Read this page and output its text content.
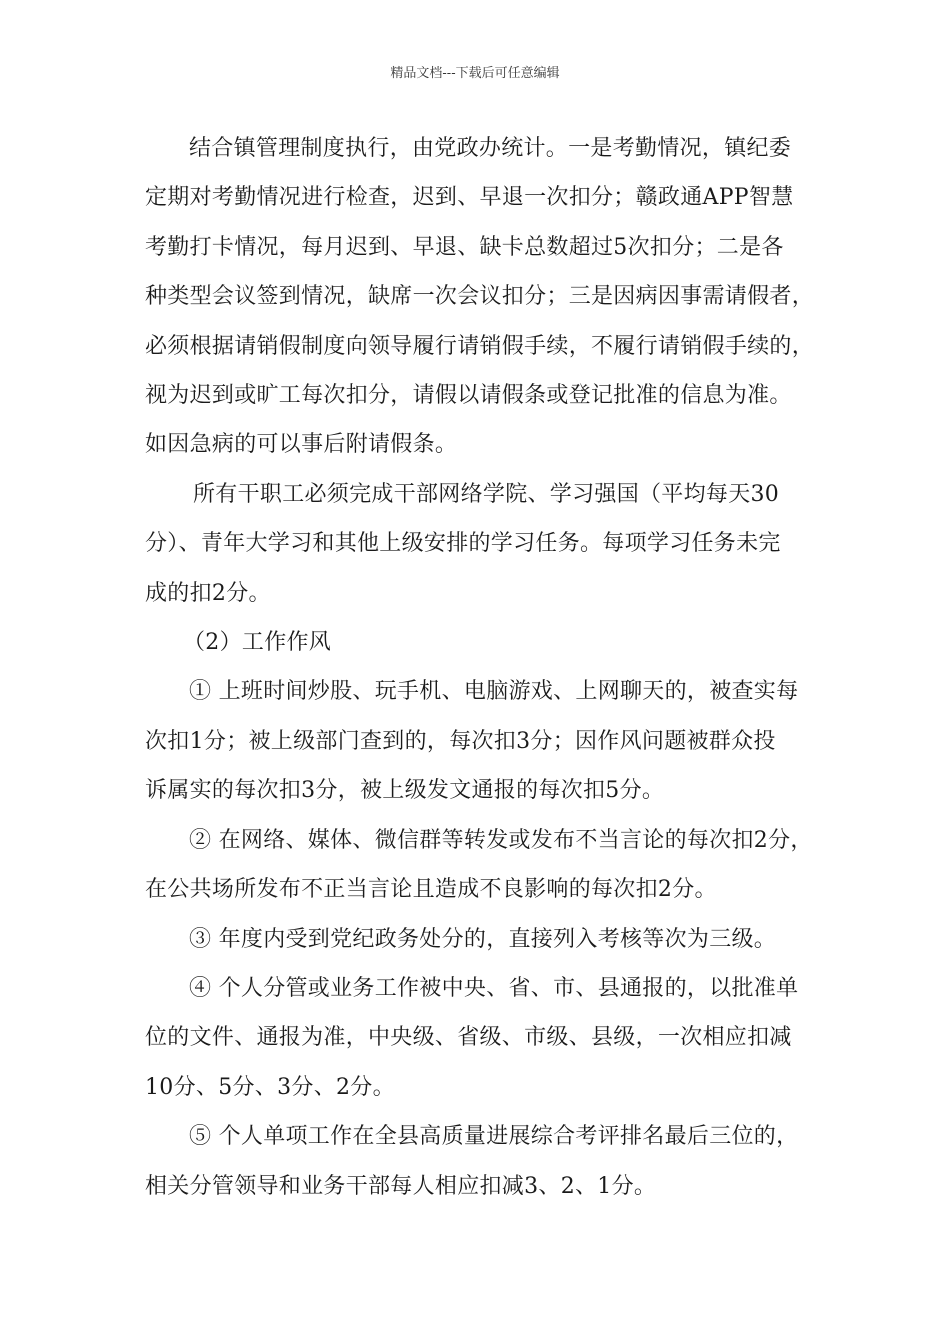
精品文档---下载后可任意编辑
结合镇管理制度执行，由党政办统计。一是考勤情况，镇纪委
定期对考勤情况进行检查，迟到、早退一次扣分；赣政通APP智慧
考勤打卡情况，每月迟到、早退、缺卡总数超过5次扣分；二是各
种类型会议签到情况，缺席一次会议扣分；三是因病因事需请假者，
必须根据请销假制度向领导履行请销假手续，不履行请销假手续的，
视为迟到或旷工每次扣分，请假以请假条或登记批准的信息为准。
如因急病的可以事后附请假条。
所有干职工必须完成干部网络学院、学习强国（平均每天30
分）、青年大学习和其他上级安排的学习任务。每项学习任务未完
成的扣2分。
（2）工作作风
① 上班时间炒股、玩手机、电脑游戏、上网聊天的，被查实每
次扣1分；被上级部门查到的，每次扣3分；因作风问题被群众投
诉属实的每次扣3分，被上级发文通报的每次扣5分。
② 在网络、媒体、微信群等转发或发布不当言论的每次扣2分，
在公共场所发布不正当言论且造成不良影响的每次扣2分。
③ 年度内受到党纪政务处分的，直接列入考核等次为三级。
④ 个人分管或业务工作被中央、省、市、县通报的，以批准单
位的文件、通报为准，中央级、省级、市级、县级，一次相应扣减
10分、5分、3分、2分。
⑤ 个人单项工作在全县高质量进展综合考评排名最后三位的，
相关分管领导和业务干部每人相应扣减3、2、1分。
